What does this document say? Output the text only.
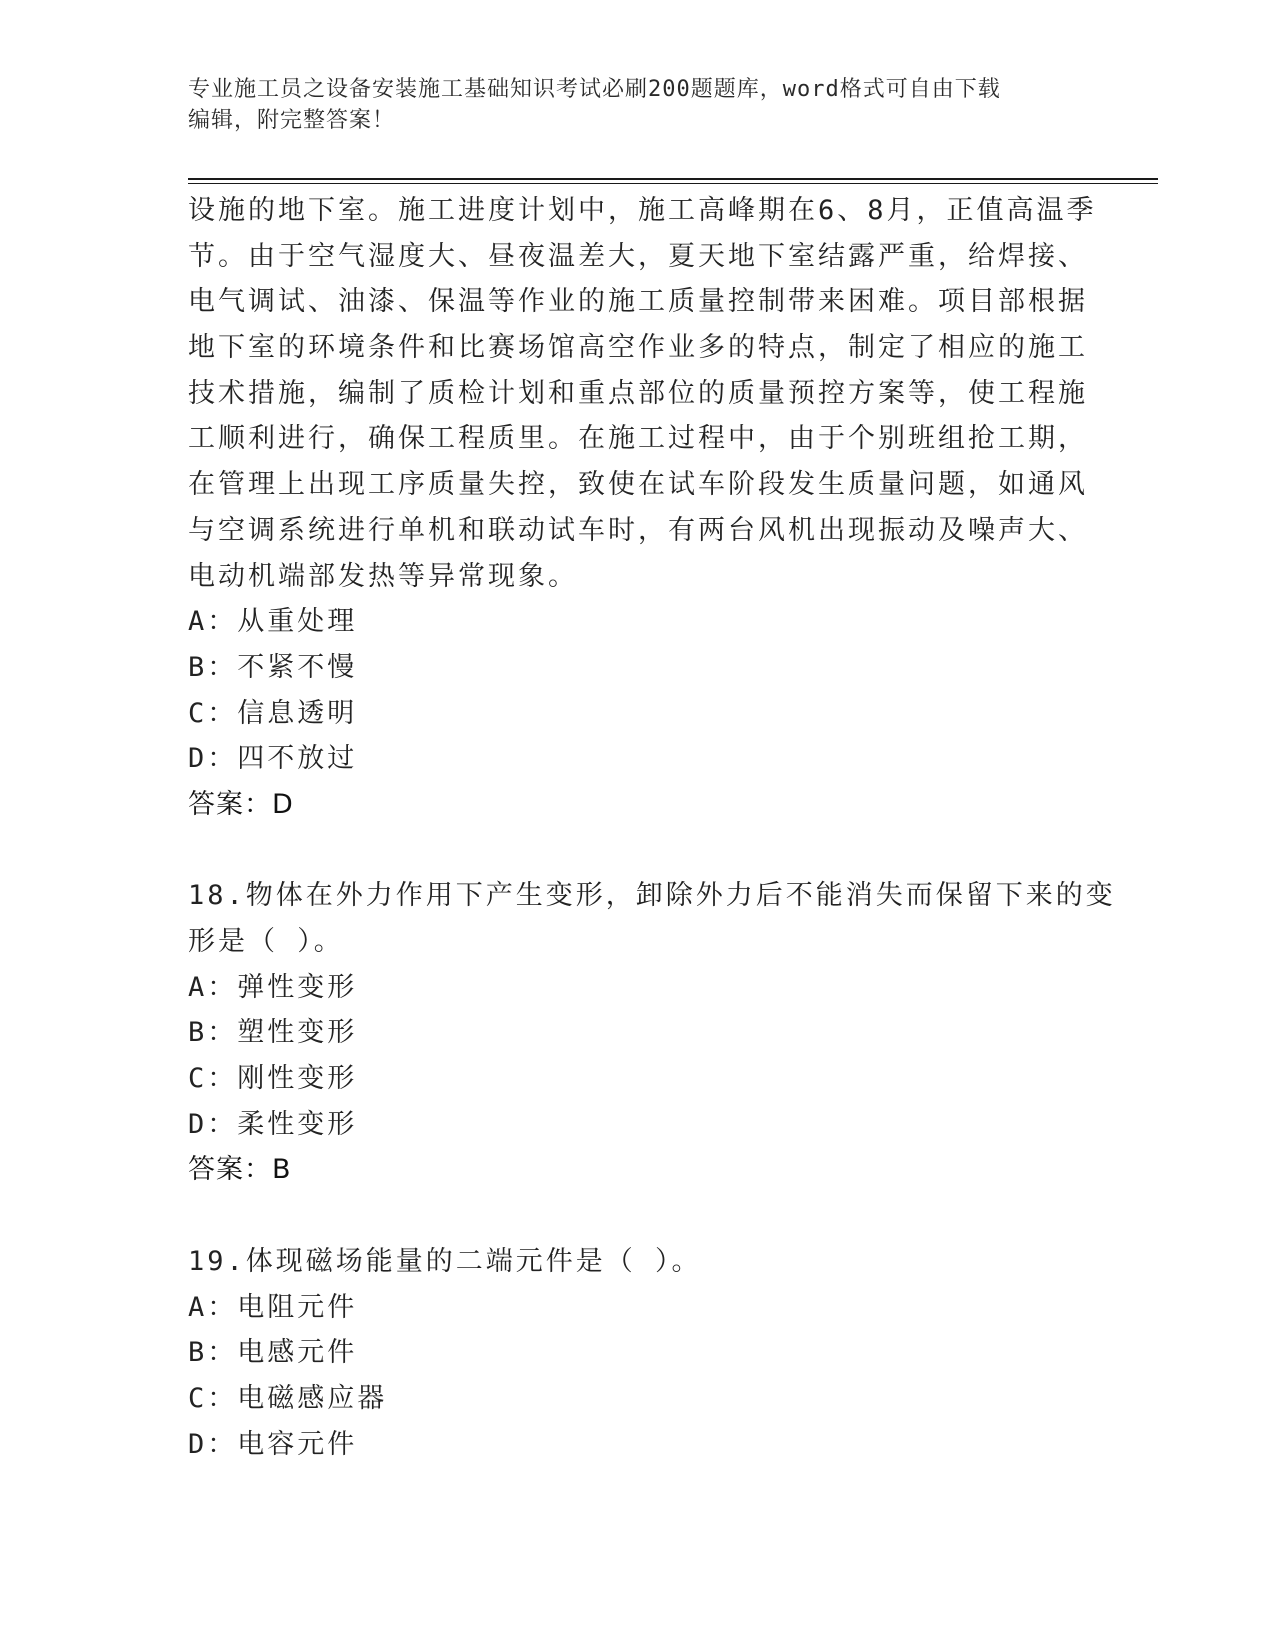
专业施工员之设备安装施工基础知识考试必刷200题题库，word格式可自由下载
编辑，附完整答案！
设施的地下室。施工进度计划中，施工高峰期在6、8月，正值高温季
节。由于空气湿度大、昼夜温差大，夏天地下室结露严重，给焊接、
电气调试、油漆、保温等作业的施工质量控制带来困难。项目部根据
地下室的环境条件和比赛场馆高空作业多的特点，制定了相应的施工
技术措施，编制了质检计划和重点部位的质量预控方案等，使工程施
工顺利进行，确保工程质里。在施工过程中，由于个别班组抢工期，
在管理上出现工序质量失控，致使在试车阶段发生质量问题，如通风
与空调系统进行单机和联动试车时，有两台风机出现振动及噪声大、
电动机端部发热等异常现象。
A：从重处理
B：不紧不慢
C：信息透明
D：四不放过
答案：D
18.物体在外力作用下产生变形，卸除外力后不能消失而保留下来的变
形是（ ）。
A：弹性变形
B：塑性变形
C：刚性变形
D：柔性变形
答案：B
19.体现磁场能量的二端元件是（ ）。
A：电阻元件
B：电感元件
C：电磁感应器
D：电容元件
